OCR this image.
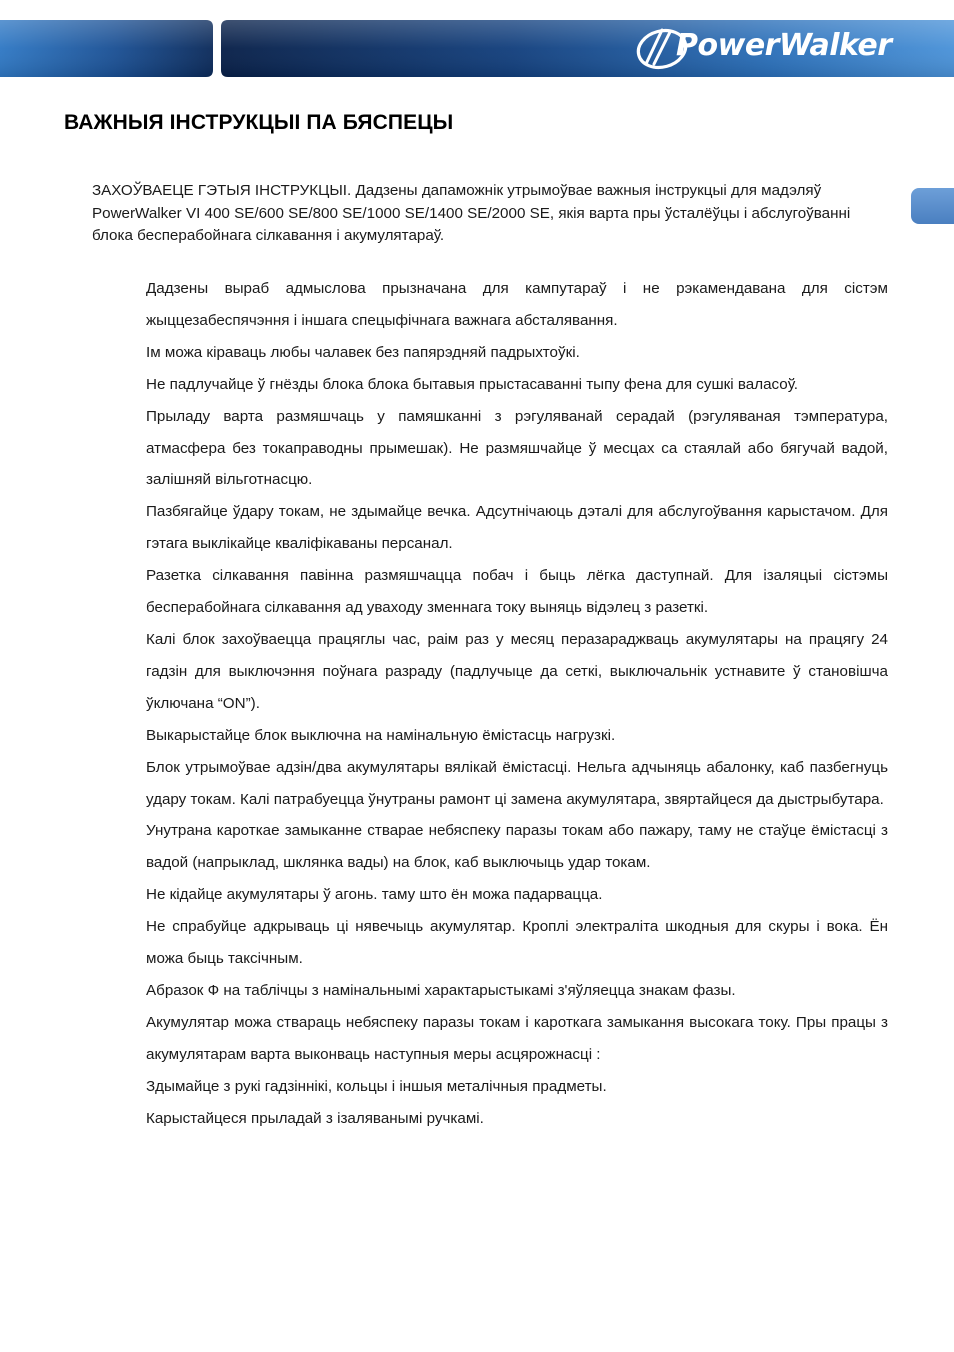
PowerWalker
ВАЖНЫЯ ІНСТРУКЦЫІ ПА БЯСПЕЦЫ

ЗАХОЎВАЕЦЕ ГЭТЫЯ ІНСТРУКЦЫІ. Дадзены дапаможнік утрымоўвае важныя інструкцыі для мадэляў PowerWalker VI 400 SE/600 SE/800 SE/1000 SE/1400 SE/2000 SE, якія варта пры ўсталёўцы і абслугоўванні блока бесперабойнага сілкавання і акумулятараў.

Дадзены выраб адмыслова прызначана для кампутараў і не рэкамендавана для сістэм жыццезабеспячэння і іншага спецыфічнага важнага абсталявання.
Ім можа кіраваць любы чалавек без папярэдняй падрыхтоўкі.
Не падлучайце ў гнёзды блока блока бытавыя прыстасаванні тыпу фена для сушкі валасоў.
Прыладу варта размяшчаць у памяшканні з рэгуляванай серадай (рэгуляваная тэмпература, атмасфера без токаправодны прымешак). Не размяшчайце ў месцах са стаялай або бягучай вадой, залішняй вільготнасцю.
Пазбягайце ўдару токам, не здымайце вечка. Адсутнічаюць дэталі для абслугоўвання карыстачом. Для гэтага выклікайце кваліфікаваны персанал.
Разетка сілкавання павінна размяшчацца побач і быць лёгка даступнай. Для ізаляцыі сістэмы бесперабойнага сілкавання ад уваходу зменнага току выняць відэлец з разеткі.
Калі блок захоўваецца працяглы час, раім раз у месяц перазараджваць акумулятары на працягу 24 гадзін для выключэння поўнага разраду (падлучыце да сеткі, выключальнік устнавите ў становішча ўключана “ON”).
Выкарыстайце блок выключна на намінальную ёмістасць нагрузкі.
Блок утрымоўвае адзін/два акумулятары вялікай ёмістасці. Нельга адчыняць абалонку, каб пазбегнуць удару токам. Калі патрабуецца ўнутраны рамонт ці замена акумулятара, звяртайцеся да дыстрыбутара.
Унутрана кароткае замыканне ствараe небяспеку паразы токам або пажару, таму не стаўце ёмістасці з вадой (напрыклад, шклянка вады) на блок, каб выключыць удар токам.
Не кідайце акумулятары ў агонь. таму што ён можа падарвацца.
Не спрабуйце адкрываць ці нявечыць акумулятар. Кроплі электраліта шкодныя для скуры і вока. Ён можа быць таксічным.
Абразок Ф на таблічцы з намінальнымі характарыстыкамі з'яўляецца знакам фазы.
Акумулятар можа ствараць небяспеку паразы токам і кароткага замыкання высокага току. Пры працы з акумулятарам варта выконваць наступныя меры асцярожнасці :
Здымайце з рукі гадзіннікі, кольцы і іншыя металічныя прадметы.
Карыстайцеся прыладай з ізаляванымі ручкамі.
